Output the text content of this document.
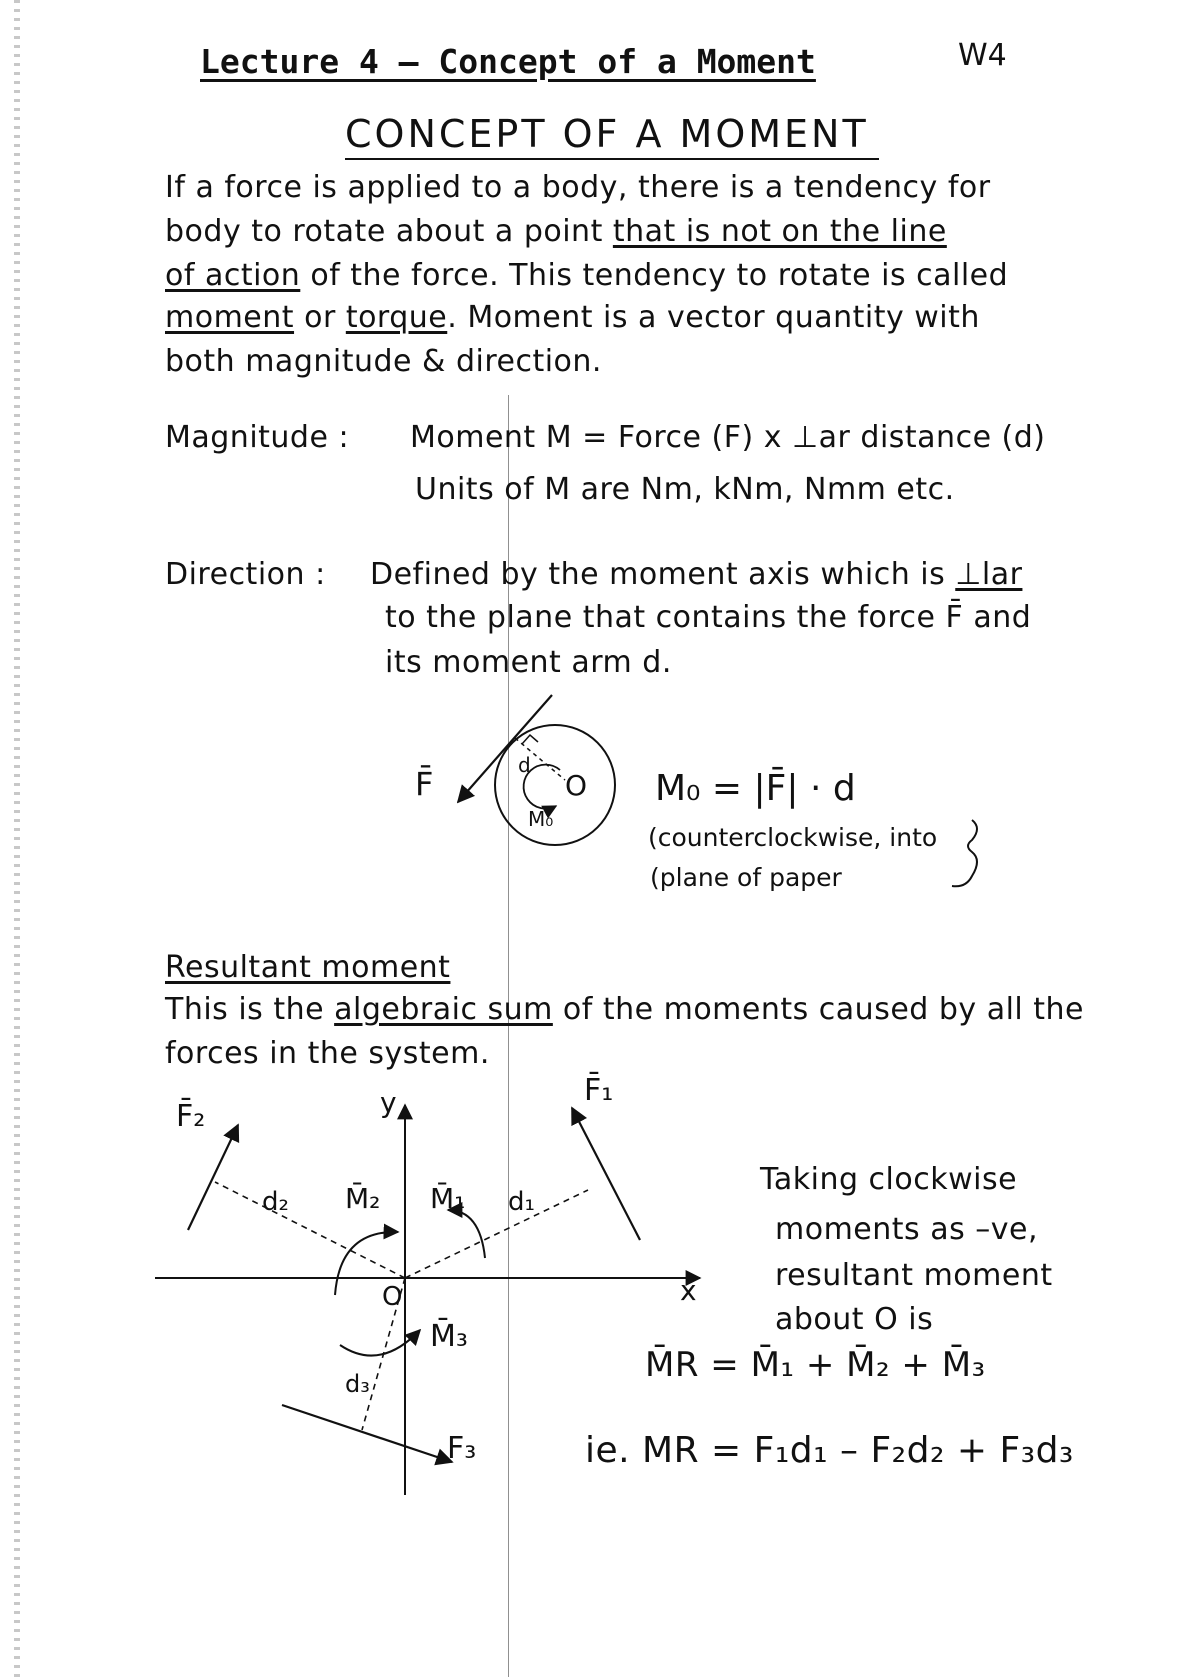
Lecture 4 – Concept of a Moment	W4
CONCEPT OF A MOMENT
If a force is applied to a body, there is a tendency for
body to rotate about a point that is not on the line
of action of the force. This tendency to rotate is called
moment or torque. Moment is a vector quantity with
both magnitude & direction.
Magnitude : Moment M = Force (F) x ⊥ar distance (d)
Units of M are Nm, kNm, Nmm etc.
Direction : Defined by the moment axis which is ⊥lar
to the plane that contains the force F̄ and
its moment arm d.
Resultant moment
This is the algebraic sum of the moments caused by all the
forces in the system.
Taking clockwise
moments as –ve,
resultant moment
about O is
M̄R = M̄₁ + M̄₂ + M̄₃
ie. MR = F₁d₁ – F₂d₂ + F₃d₃
F̄	d
O
M₀
M₀ = |F̄| · d
(counterclockwise, into
(plane of paper
y
x
O
F̄₁
d₁
F̄₂
d₂
F₃
d₃
M̄₂ M̄₁
M̄₃
